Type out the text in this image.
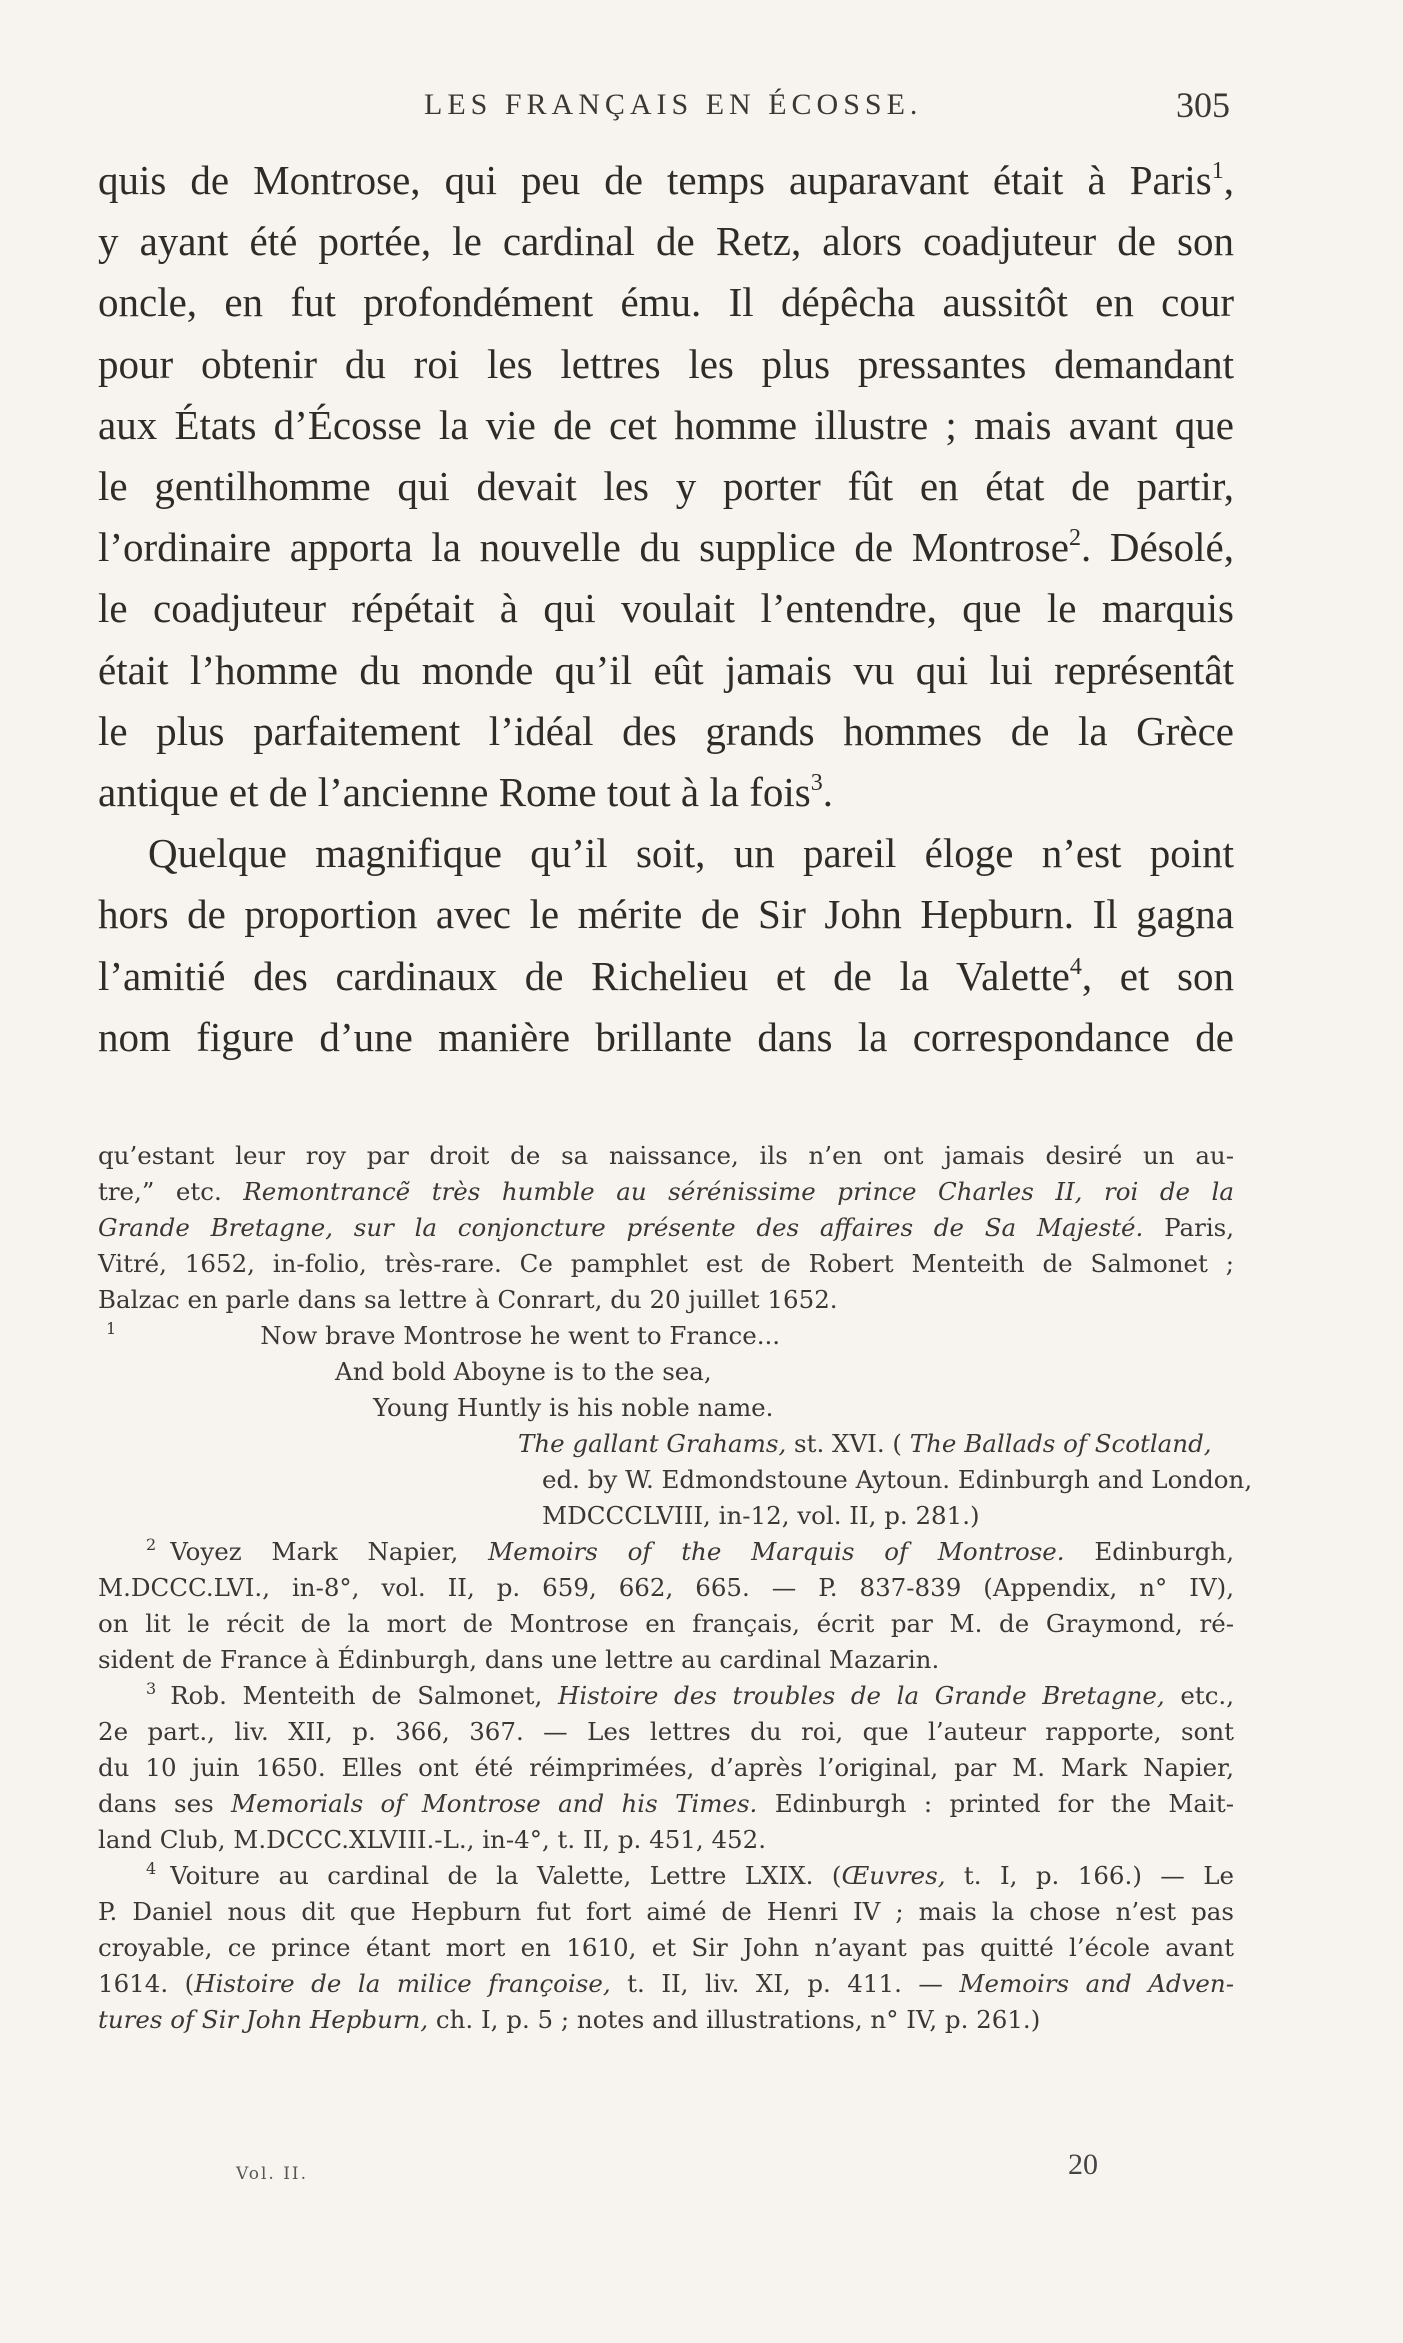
LES FRANÇAIS EN ÉCOSSE.	305
quis de Montrose, qui peu de temps auparavant était à Paris$^1$,
y ayant été portée, le cardinal de Retz, alors coadjuteur de son
oncle, en fut profondément ému. Il dépêcha aussitôt en cour
pour obtenir du roi les lettres les plus pressantes demandant
aux États d’Écosse la vie de cet homme illustre ; mais avant que
le gentilhomme qui devait les y porter fût en état de partir,
l’ordinaire apporta la nouvelle du supplice de Montrose$^2$. Désolé,
le coadjuteur répétait à qui voulait l’entendre, que le marquis
était l’homme du monde qu’il eût jamais vu qui lui représentât
le plus parfaitement l’idéal des grands hommes de la Grèce
antique et de l’ancienne Rome tout à la fois$^3$.
Quelque magnifique qu’il soit, un pareil éloge n’est point
hors de proportion avec le mérite de Sir John Hepburn. Il gagna
l’amitié des cardinaux de Richelieu et de la Valette$^4$, et son
nom figure d’une manière brillante dans la correspondance de
qu’estant leur roy par droit de sa naissance, ils n’en ont jamais desiré un au-
tre,” etc. Remontrancẽ très humble au sérénissime prince Charles II, roi de la
Grande Bretagne, sur la conjoncture présente des affaires de Sa Majesté. Paris,
Vitré, 1652, in-folio, très-rare. Ce pamphlet est de Robert Menteith de Salmonet ;
Balzac en parle dans sa lettre à Conrart, du 20 juillet 1652.
$^1$	Now brave Montrose he went to France...
And bold Aboyne is to the sea,
Young Huntly is his noble name.
The gallant Grahams, st. XVI. ( The Ballads of Scotland,
ed. by W. Edmondstoune Aytoun. Edinburgh and London,
MDCCCLVIII, in-12, vol. II, p. 281.)
$^2$ Voyez Mark Napier, Memoirs of the Marquis of Montrose. Edinburgh,
M.DCCC.LVI., in-8°, vol. II, p. 659, 662, 665. — P. 837-839 (Appendix, n° IV),
on lit le récit de la mort de Montrose en français, écrit par M. de Graymond, ré-
sident de France à Édinburgh, dans une lettre au cardinal Mazarin.
$^3$ Rob. Menteith de Salmonet, Histoire des troubles de la Grande Bretagne, etc.,
2e part., liv. XII, p. 366, 367. — Les lettres du roi, que l’auteur rapporte, sont
du 10 juin 1650. Elles ont été réimprimées, d’après l’original, par M. Mark Napier,
dans ses Memorials of Montrose and his Times. Edinburgh : printed for the Mait-
land Club, M.DCCC.XLVIII.-L., in-4°, t. II, p. 451, 452.
$^4$ Voiture au cardinal de la Valette, Lettre LXIX. (Œuvres, t. I, p. 166.) — Le
P. Daniel nous dit que Hepburn fut fort aimé de Henri IV ; mais la chose n’est pas
croyable, ce prince étant mort en 1610, et Sir John n’ayant pas quitté l’école avant
1614. (Histoire de la milice françoise, t. II, liv. XI, p. 411. — Memoirs and Adven-
tures of Sir John Hepburn, ch. I, p. 5 ; notes and illustrations, n° IV, p. 261.)
Vol. II.	20
